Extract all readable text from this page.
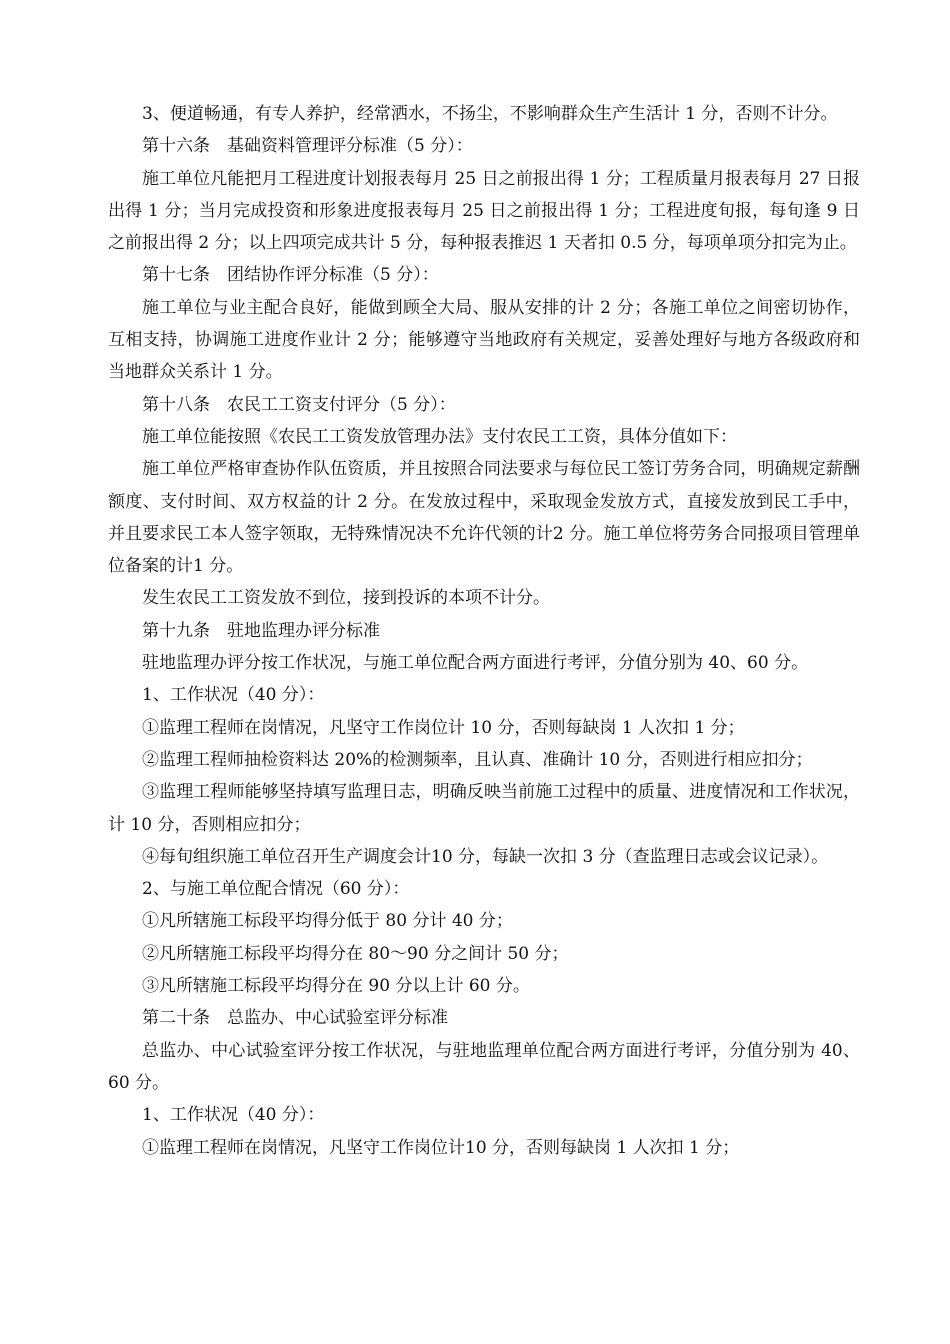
3、便道畅通，有专人养护，经常洒水，不扬尘，不影响群众生产生活计 1 分，否则不计分。

第十六条　基础资料管理评分标准（5 分）：

施工单位凡能把月工程进度计划报表每月 25 日之前报出得 1 分；工程质量月报表每月 27 日报出得 1 分；当月完成投资和形象进度报表每月 25 日之前报出得 1 分；工程进度旬报，每旬逢 9 日之前报出得 2 分；以上四项完成共计 5 分，每种报表推迟 1 天者扣 0.5 分，每项单项分扣完为止。

第十七条　团结协作评分标准（5 分）：

施工单位与业主配合良好，能做到顾全大局、服从安排的计 2 分；各施工单位之间密切协作，互相支持，协调施工进度作业计 2 分；能够遵守当地政府有关规定，妥善处理好与地方各级政府和当地群众关系计 1 分。

第十八条　农民工工资支付评分（5 分）：

施工单位能按照《农民工工资发放管理办法》支付农民工工资，具体分值如下：

施工单位严格审查协作队伍资质，并且按照合同法要求与每位民工签订劳务合同，明确规定薪酬额度、支付时间、双方权益的计 2 分。在发放过程中，采取现金发放方式，直接发放到民工手中，并且要求民工本人签字领取，无特殊情况决不允许代领的计2 分。施工单位将劳务合同报项目管理单位备案的计1 分。

发生农民工工资发放不到位，接到投诉的本项不计分。

第十九条　驻地监理办评分标准

驻地监理办评分按工作状况，与施工单位配合两方面进行考评，分值分别为 40、60 分。

1、工作状况（40 分）：

①监理工程师在岗情况，凡坚守工作岗位计 10 分，否则每缺岗 1 人次扣 1 分；

②监理工程师抽检资料达 20%的检测频率，且认真、准确计 10 分，否则进行相应扣分；

③监理工程师能够坚持填写监理日志，明确反映当前施工过程中的质量、进度情况和工作状况，计 10 分，否则相应扣分；

④每旬组织施工单位召开生产调度会计10 分，每缺一次扣 3 分（查监理日志或会议记录）。

2、与施工单位配合情况（60 分）：

①凡所辖施工标段平均得分低于 80 分计 40 分；

②凡所辖施工标段平均得分在 80～90 分之间计 50 分；

③凡所辖施工标段平均得分在 90 分以上计 60 分。

第二十条　总监办、中心试验室评分标准

总监办、中心试验室评分按工作状况，与驻地监理单位配合两方面进行考评，分值分别为 40、60 分。

1、工作状况（40 分）：

①监理工程师在岗情况，凡坚守工作岗位计10 分，否则每缺岗 1 人次扣 1 分；
